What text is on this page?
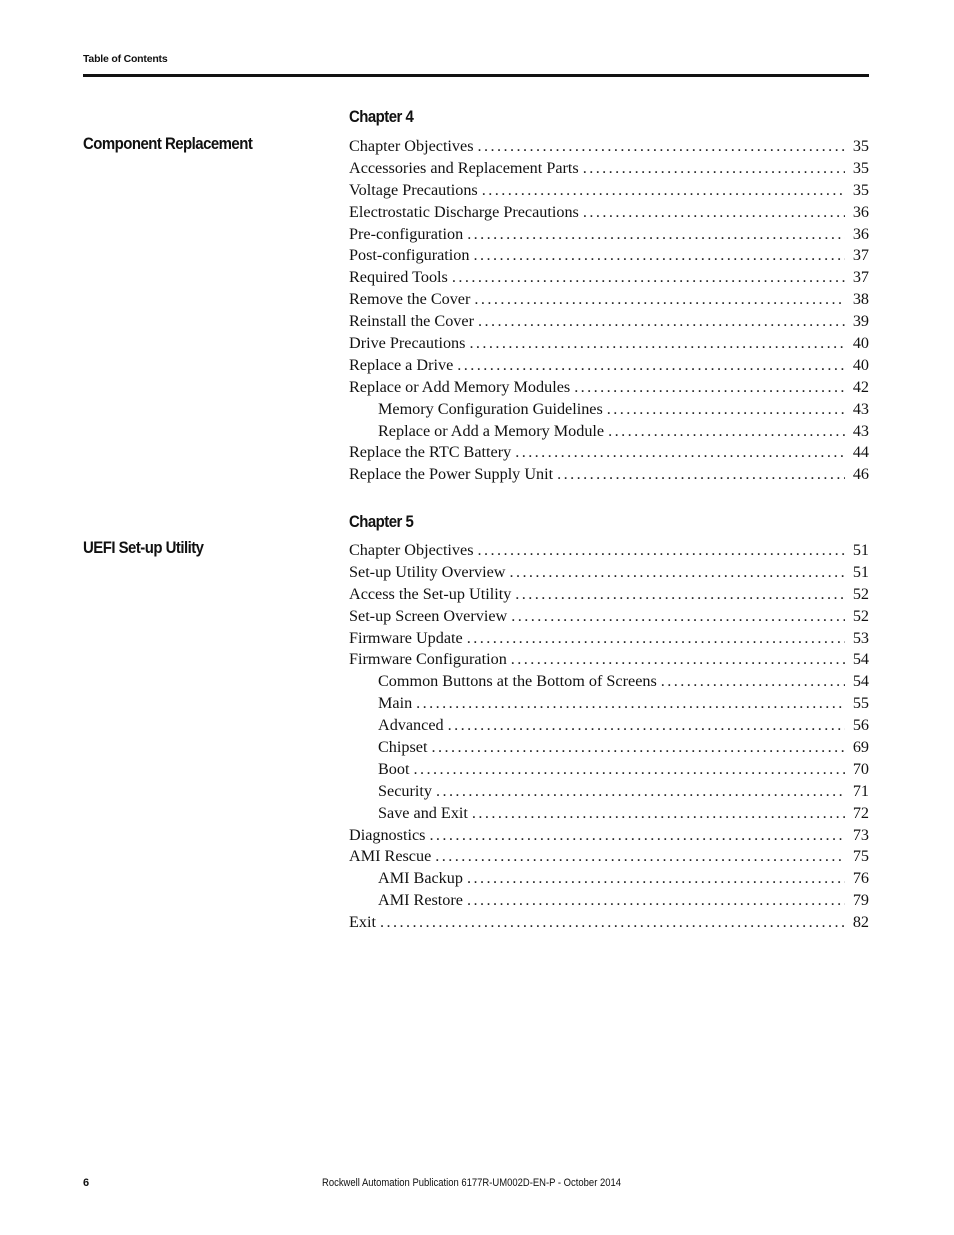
Table of Contents
Chapter 4
Component Replacement	Chapter Objectives . . .	35
Accessories and Replacement Parts . . .	35
Voltage Precautions . . .	35
Electrostatic Discharge Precautions . . .	36
Pre-configuration . . .	36
Post-configuration . . .	37
Required Tools . . .	37
Remove the Cover . . .	38
Reinstall the Cover . . .	39
Drive Precautions . . .	40
Replace a Drive . . .	40
Replace or Add Memory Modules . . .	42
Memory Configuration Guidelines . . .	43
Replace or Add a Memory Module . . .	43
Replace the RTC Battery . . .	44
Replace the Power Supply Unit . . .	46
Chapter 5
UEFI Set-up Utility	Chapter Objectives . . .	51
Set-up Utility Overview . . .	51
Access the Set-up Utility . . .	52
Set-up Screen Overview . . .	52
Firmware Update . . .	53
Firmware Configuration . . .	54
Common Buttons at the Bottom of Screens . . .	54
Main . . .	55
Advanced . . .	56
Chipset . . .	69
Boot . . .	70
Security . . .	71
Save and Exit . . .	72
Diagnostics . . .	73
AMI Rescue . . .	75
AMI Backup . . .	76
AMI Restore . . .	79
Exit . . .	82
6	Rockwell Automation Publication 6177R-UM002D-EN-P - October 2014
